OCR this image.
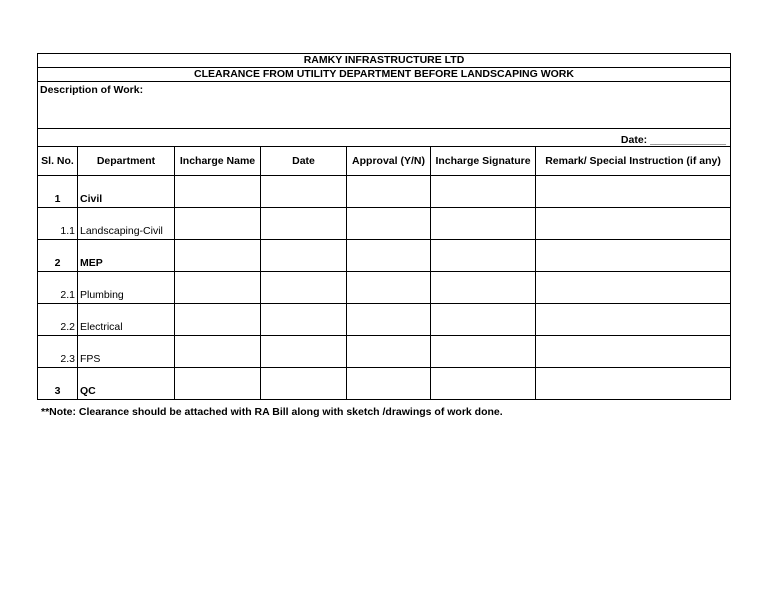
RAMKY INFRASTRUCTURE LTD						
CLEARANCE FROM UTILITY DEPARTMENT BEFORE LANDSCAPING WORK						
Description of Work:						
Date: _____________						
Sl. No.	Department	Incharge Name	Date	Approval (Y/N)	Incharge Signature	Remark/ Special Instruction (if any)
1	Civil					
1.1	Landscaping-Civil					
2	MEP					
2.1	Plumbing					
2.2	Electrical					
2.3	FPS					
3	QC					
**Note: Clearance should be attached with RA Bill along with sketch /drawings of work done.
